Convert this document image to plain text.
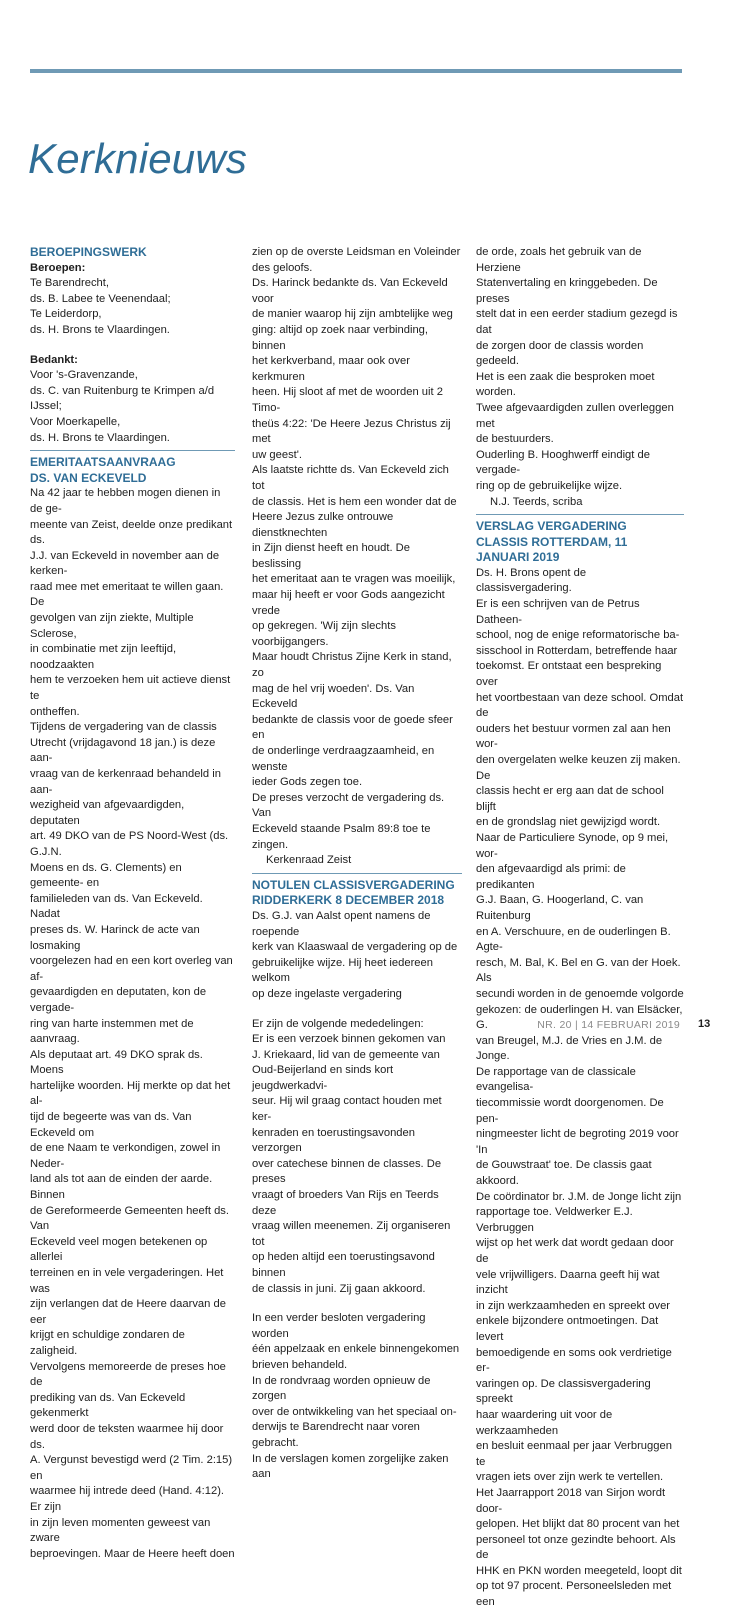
Kerknieuws

BEROEPINGSWERK

Beroepen:

Te Barendrecht,

ds. B. Labee te Veenendaal;

Te Leiderdorp,

ds. H. Brons te Vlaardingen.

Bedankt:

Voor 's-Gravenzande,

ds. C. van Ruitenburg te Krimpen a/d IJssel;

Voor Moerkapelle,

ds. H. Brons te Vlaardingen.

EMERITAATSAANVRAAG

DS. VAN ECKEVELD

Na 42 jaar te hebben mogen dienen in de ge-

meente van Zeist, deelde onze predikant ds.

J.J. van Eckeveld in november aan de kerken-

raad mee met emeritaat te willen gaan. De

gevolgen van zijn ziekte, Multiple Sclerose,

in combinatie met zijn leeftijd, noodzaakten

hem te verzoeken hem uit actieve dienst te

ontheffen.

Tijdens de vergadering van de classis

Utrecht (vrijdagavond 18 jan.) is deze aan-

vraag van de kerkenraad behandeld in aan-

wezigheid van afgevaardigden, deputaten

art. 49 DKO van de PS Noord-West (ds. G.J.N.

Moens en ds. G. Clements) en gemeente- en

familieleden van ds. Van Eckeveld. Nadat

preses ds. W. Harinck de acte van losmaking

voorgelezen had en een kort overleg van af-

gevaardigden en deputaten, kon de vergade-

ring van harte instemmen met de aanvraag.

Als deputaat art. 49 DKO sprak ds. Moens

hartelijke woorden. Hij merkte op dat het al-

tijd de begeerte was van ds. Van Eckeveld om

de ene Naam te verkondigen, zowel in Neder-

land als tot aan de einden der aarde. Binnen

de Gereformeerde Gemeenten heeft ds. Van

Eckeveld veel mogen betekenen op allerlei

terreinen en in vele vergaderingen. Het was

zijn verlangen dat de Heere daarvan de eer

krijgt en schuldige zondaren de zaligheid.

Vervolgens memoreerde de preses hoe de

prediking van ds. Van Eckeveld gekenmerkt

werd door de teksten waarmee hij door ds.

A. Vergunst bevestigd werd (2 Tim. 2:15) en

waarmee hij intrede deed (Hand. 4:12). Er zijn

in zijn leven momenten geweest van zware

beproevingen. Maar de Heere heeft doen

zien op de overste Leidsman en Voleinder

des geloofs.

Ds. Harinck bedankte ds. Van Eckeveld voor

de manier waarop hij zijn ambtelijke weg

ging: altijd op zoek naar verbinding, binnen

het kerkverband, maar ook over kerkmuren

heen. Hij sloot af met de woorden uit 2 Timo-

theüs 4:22: 'De Heere Jezus Christus zij met

uw geest'.

Als laatste richtte ds. Van Eckeveld zich tot

de classis. Het is hem een wonder dat de

Heere Jezus zulke ontrouwe dienstknechten

in Zijn dienst heeft en houdt. De beslissing

het emeritaat aan te vragen was moeilijk,

maar hij heeft er voor Gods aangezicht vrede

op gekregen. 'Wij zijn slechts voorbijgangers.

Maar houdt Christus Zijne Kerk in stand, zo

mag de hel vrij woeden'. Ds. Van Eckeveld

bedankte de classis voor de goede sfeer en

de onderlinge verdraagzaamheid, en wenste

ieder Gods zegen toe.

De preses verzocht de vergadering ds. Van

Eckeveld staande Psalm 89:8 toe te zingen.

Kerkenraad Zeist

NOTULEN CLASSISVERGADERING

RIDDERKERK 8 DECEMBER 2018

Ds. G.J. van Aalst opent namens de roepende

kerk van Klaaswaal de vergadering op de

gebruikelijke wijze. Hij heet iedereen welkom

op deze ingelaste vergadering

Er zijn de volgende mededelingen:

Er is een verzoek binnen gekomen van

J. Kriekaard, lid van de gemeente van

Oud-Beijerland en sinds kort jeugdwerkadvi-

seur. Hij wil graag contact houden met ker-

kenraden en toerustingsavonden verzorgen

over catechese binnen de classes. De preses

vraagt of broeders Van Rijs en Teerds deze

vraag willen meenemen. Zij organiseren tot

op heden altijd een toerustingsavond binnen

de classis in juni. Zij gaan akkoord.

In een verder besloten vergadering worden

één appelzaak en enkele binnengekomen

brieven behandeld.

In de rondvraag worden opnieuw de zorgen

over de ontwikkeling van het speciaal on-

derwijs te Barendrecht naar voren gebracht.

In de verslagen komen zorgelijke zaken aan

de orde, zoals het gebruik van de Herziene

Statenvertaling en kringgebeden. De preses

stelt dat in een eerder stadium gezegd is dat

de zorgen door de classis worden gedeeld.

Het is een zaak die besproken moet worden.

Twee afgevaardigden zullen overleggen met

de bestuurders.

Ouderling B. Hooghwerff eindigt de vergade-

ring op de gebruikelijke wijze.

N.J. Teerds, scriba

VERSLAG VERGADERING

CLASSIS ROTTERDAM, 11 JANUARI 2019

Ds. H. Brons opent de classisvergadering.

Er is een schrijven van de Petrus Datheen-

school, nog de enige reformatorische ba-

sisschool in Rotterdam, betreffende haar

toekomst. Er ontstaat een bespreking over

het voortbestaan van deze school. Omdat de

ouders het bestuur vormen zal aan hen wor-

den overgelaten welke keuzen zij maken. De

classis hecht er erg aan dat de school blijft

en de grondslag niet gewijzigd wordt.

Naar de Particuliere Synode, op 9 mei, wor-

den afgevaardigd als primi: de predikanten

G.J. Baan, G. Hoogerland, C. van Ruitenburg

en A. Verschuure, en de ouderlingen B. Agte-

resch, M. Bal, K. Bel en G. van der Hoek. Als

secundi worden in de genoemde volgorde

gekozen: de ouderlingen H. van Elsäcker, G.

van Breugel, M.J. de Vries en J.M. de Jonge.

De rapportage van de classicale evangelisa-

tiecommissie wordt doorgenomen. De pen-

ningmeester licht de begroting 2019 voor 'In

de Gouwstraat' toe. De classis gaat akkoord.

De coördinator br. J.M. de Jonge licht zijn

rapportage toe. Veldwerker E.J. Verbruggen

wijst op het werk dat wordt gedaan door de

vele vrijwilligers. Daarna geeft hij wat inzicht

in zijn werkzaamheden en spreekt over

enkele bijzondere ontmoetingen. Dat levert

bemoedigende en soms ook verdrietige er-

varingen op. De classisvergadering spreekt

haar waardering uit voor de werkzaamheden

en besluit eenmaal per jaar Verbruggen te

vragen iets over zijn werk te vertellen.

Het Jaarrapport 2018 van Sirjon wordt door-

gelopen. Het blijkt dat 80 procent van het

personeel tot onze gezindte behoort. Als de

HHK en PKN worden meegeteld, loopt dit

op tot 97 procent. Personeelsleden met een

NR. 20 | 14 FEBRUARI 2019 13
